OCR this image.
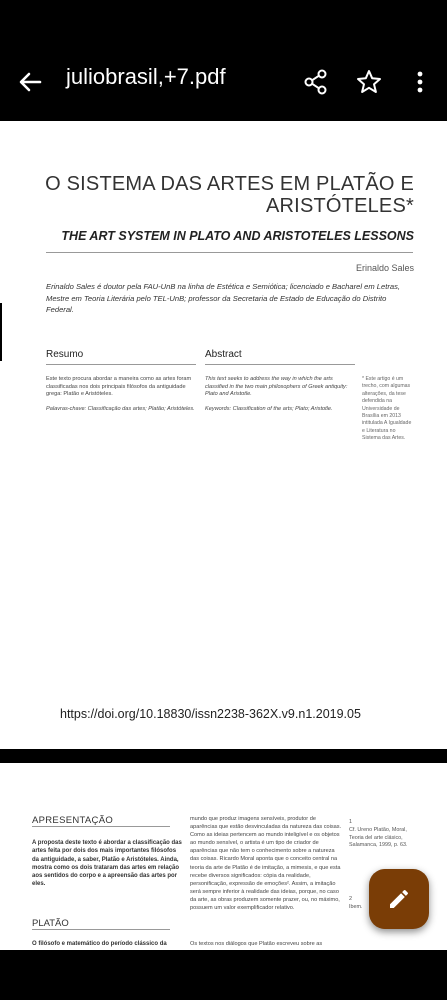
juliobrasil,+7.pdf
O SISTEMA DAS ARTES EM PLATÃO E ARISTÓTELES*
THE ART SYSTEM IN PLATO AND ARISTOTELES LESSONS
Erinaldo Sales
Erinaldo Sales é doutor pela FAU-UnB na linha de Estética e Semiótica; licenciado e Bacharel em Letras, Mestre em Teoria Literária pelo TEL-UnB; professor da Secretaria de Estado de Educação do Distrito Federal.
Resumo	Abstract
Este texto procura abordar a maneira como as artes foram classificadas nos dois principais filósofos da antiguidade grega: Platão e Aristóteles.
Palavras-chave: Classificação das artes; Platão; Aristóteles.
This text seeks to address the way in which the arts classified in the two main philosophers of Greek antiquity: Plato and Aristotle.
Keywords: Classification of the arts; Plato; Aristotle.
* Este artigo é um trecho, com algumas alterações, da tese defendida na Universidade de Brasília em 2013 intitulada A Igualdade e Literatura no Sistema das Artes.
https://doi.org/10.18830/issn2238-362X.v9.n1.2019.05
APRESENTAÇÃO
A proposta deste texto é abordar a classificação das artes feita por dois dos mais importantes filósofos da antiguidade, a saber, Platão e Aristóteles. Ainda, mostra como os dois trataram das artes em relação aos sentidos do corpo e a apreensão das artes por eles.
PLATÃO
O filósofo e matemático do período clássico da
mundo que produz imagens sensíveis, produtor de aparências que estão desvinculadas da natureza das coisas. Como as ideias pertencem ao mundo inteligível e os objetos ao mundo sensível, o artista é um tipo de criador de aparências que não tem o conhecimento sobre a natureza das coisas. Ricardo Moral aponta que o conceito central na teoria da arte de Platão é de imitação, a mimesis, e que esta recebe diversos significados: cópia da realidade, personificação, expressão de emoções². Assim, a imitação será sempre inferior à realidade das ideias, porque, no caso da arte, as obras produzem somente prazer, ou, no máximo, possuem um valor exemplificador relativo.
Os textos nos diálogos que Platão escreveu sobre as
1
Cf. Ureno Platão, Moral, Teoria del arte clásico, Salamanca, 1999, p. 63.
2
Ibem.
